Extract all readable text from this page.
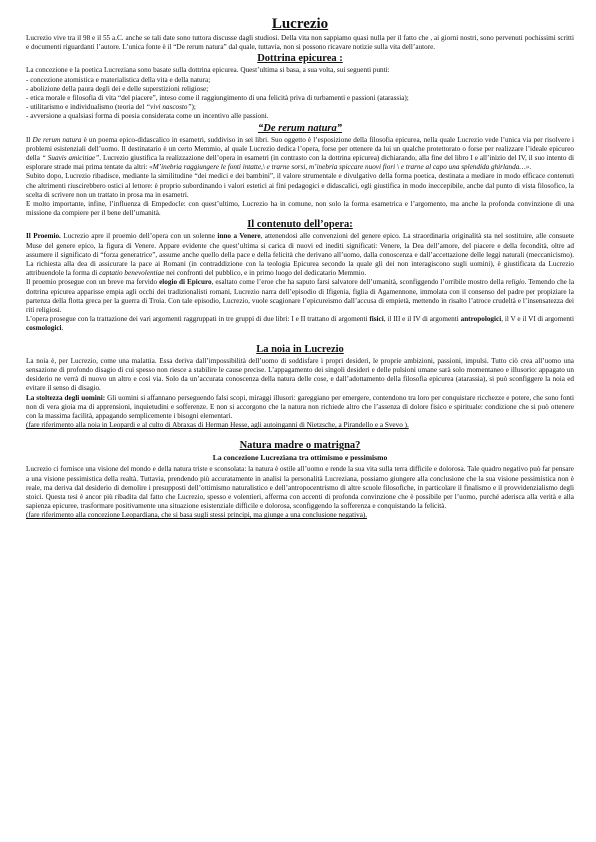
Lucrezio

Lucrezio vive tra il 98 e il 55 a.C. anche se tali date sono tuttora discusse dagli studiosi. Della vita non sappiamo quasi nulla per il fatto che , ai giorni nostri, sono pervenuti pochissimi scritti e documenti riguardanti l’autore. L’unica fonte è il “De rerum natura” dal quale, tuttavia, non si possono ricavare notizie sulla vita dell’autore.

Dottrina epicurea :

La concezione e la poetica Lucreziana sono basate sulla dottrina epicurea. Quest’ultima si basa, a sua volta, sui seguenti punti:

- concezione atomistica e materialistica della vita e della natura;
- abolizione della paura degli dei e delle superstizioni religiose;
- etica morale e filosofia di vita “del piacere”, inteso come il raggiungimento di una felicità priva di turbamenti e passioni (atarassia);
- utilitarismo e individualismo (teoria del “vivi nascosto”);
- avversione a qualsiasi forma di poesia considerata come un incentivo alle passioni.
“De rerum natura”

Il De rerum natura è un poema epico-didascalico in esametri, suddiviso in sei libri. Suo oggetto è l’esposizione della filosofia epicurea, nella quale Lucrezio vede l’unica via per risolvere i problemi esistenziali dell’uomo. Il destinatario è un certo Memmio, al quale Lucrezio dedica l’opera, forse per ottenere da lui un qualche protettorato o forse per realizzare l’ideale epicureo della “ Suavis amicitiae”. Lucrezio giustifica la realizzazione dell’opera in esametri (in contrasto con la dottrina epicurea) dichiarando, alla fine del libro I e all’inizio del IV, il suo intento di esplorare strade mai prima tentate da altri: «M’inebria raggiungere le fonti intatte,\ e trarne sorsi, m’inebria spiccare nuovi fiori \ e trarne al capo una splendida ghirlanda…».

Subito dopo, Lucrezio ribadisce, mediante la similitudine “dei medici e dei bambini”, il valore strumentale e divulgativo della forma poetica, destinata a mediare in modo efficace contenuti che altrimenti riuscirebbero ostici al lettore: è proprio subordinando i valori estetici ai fini pedagogici e didascalici, egli giustifica in modo ineccepibile, anche dal punto di vista filosofico, la scelta di scrivere non un trattato in prosa ma in esametri.

E molto importante, infine, l’influenza di Empedocle: con quest’ultimo, Lucrezio ha in comune, non solo la forma esametrica e l’argomento, ma anche la profonda convinzione di una missione da compiere per il bene dell’umanità.

Il contenuto dell’opera:

Il Proemio. Lucrezio apre il proemio dell’opera con un solenne inno a Venere, attenendosi alle convenzioni del genere epico. La straordinaria originalità sta nel sostituire, alle consuete Muse del genere epico, la figura di Venere. Appare evidente che quest’ultima si carica di nuovi ed inediti significati: Venere, la Dea dell’amore, del piacere e della fecondità, oltre ad assumere il significato di “forza generatrice”, assume anche quello della pace e della felicità che derivano all’uomo, dalla conoscenza e dall’accettazione delle leggi naturali (meccanicismo). La richiesta alla dea di assicurare la pace ai Romani (in contraddizione con la teologia Epicurea secondo la quale gli dei non interagiscono sugli uomini), è giustificata da Lucrezio attribuendole la forma di captatio benevolentiae nei confronti del pubblico, e in primo luogo del dedicatario Memmio.

Il proemio prosegue con un breve ma fervido elogio di Epicuro, esaltato come l’eroe che ha saputo farsi salvatore dell’umanità, sconfiggendo l’orribile mostro della religio. Temendo che la dottrina epicurea apparisse empia agli occhi dei tradizionalisti romani, Lucrezio narra dell’episodio di Ifigenia, figlia di Agamennone, immolata con il consenso del padre per propiziare la partenza della flotta greca per la guerra di Troia. Con tale episodio, Lucrezio, vuole scagionare l’epicureismo dall’accusa di empietà, mettendo in risalto l’atroce crudeltà e l’insensatezza dei riti religiosi.

L’opera prosegue con la trattazione dei vari argomenti raggruppati in tre gruppi di due libri: I e II trattano di argomenti fisici, il III e il IV di argomenti antropologici, il V e il VI di argomenti cosmologici.

La noia in Lucrezio

La noia è, per Lucrezio, come una malattia. Essa deriva dall’impossibilità dell’uomo di soddisfare i propri desideri, le proprie ambizioni, passioni, impulsi. Tutto ciò crea all’uomo una sensazione di profondo disagio di cui spesso non riesce a stabilire le cause precise. L’appagamento dei singoli desideri e delle pulsioni umane sarà solo momentaneo e illusorio: appagato un desiderio ne verrà di nuovo un altro e così via. Solo da un’accurata conoscenza della natura delle cose, e dall’adottamento della filosofia epicurea (atarassia), si può sconfiggere la noia ed evitare il senso di disagio.

La stoltezza degli uomini: Gli uomini si affannano perseguendo falsi scopi, miraggi illusori: gareggiano per emergere, contendono tra loro per conquistare ricchezze e potere, che sono fonti non di vera gioia ma di apprensioni, inquietudini e sofferenze. E non si accorgono che la natura non richiede altro che l’assenza di dolore fisico e spirituale: condizione che si può ottenere con la massima facilità, appagando semplicemente i bisogni elementari.

(fare riferimento alla noia in Leopardi e al culto di Abraxas di Herman Hesse, agli autoinganni di Nietzsche, a Pirandello e a Svevo ).

Natura madre o matrigna?
La concezione Lucreziana tra ottimismo e pessimismo

Lucrezio ci fornisce una visione del mondo e della natura triste e sconsolata: la natura è ostile all’uomo e rende la sua vita sulla terra difficile e dolorosa. Tale quadro negativo può far pensare a una visione pessimistica della realtà. Tuttavia, prendendo più accuratamente in analisi la personalità Lucreziana, possiamo giungere alla conclusione che la sua visione pessimistica non è reale, ma deriva dal desiderio di demolire i presupposti dell’ottimismo naturalistico e dell’antropocentrismo di altre scuole filosofiche, in particolare il finalismo e il provvidenzialismo degli stoici. Questa tesi è ancor più ribadita dal fatto che Lucrezio, spesso e volentieri, afferma con accenti di profonda convinzione che è possibile per l’uomo, purché aderisca alla verità e alla sapienza epicuree, trasformare positivamente una situazione esistenziale difficile e dolorosa, sconfiggendo la sofferenza e conquistando la felicità.

(fare riferimento alla concezione Leopardiana, che si basa sugli stessi principi, ma giunge a una conclusione negativa).
